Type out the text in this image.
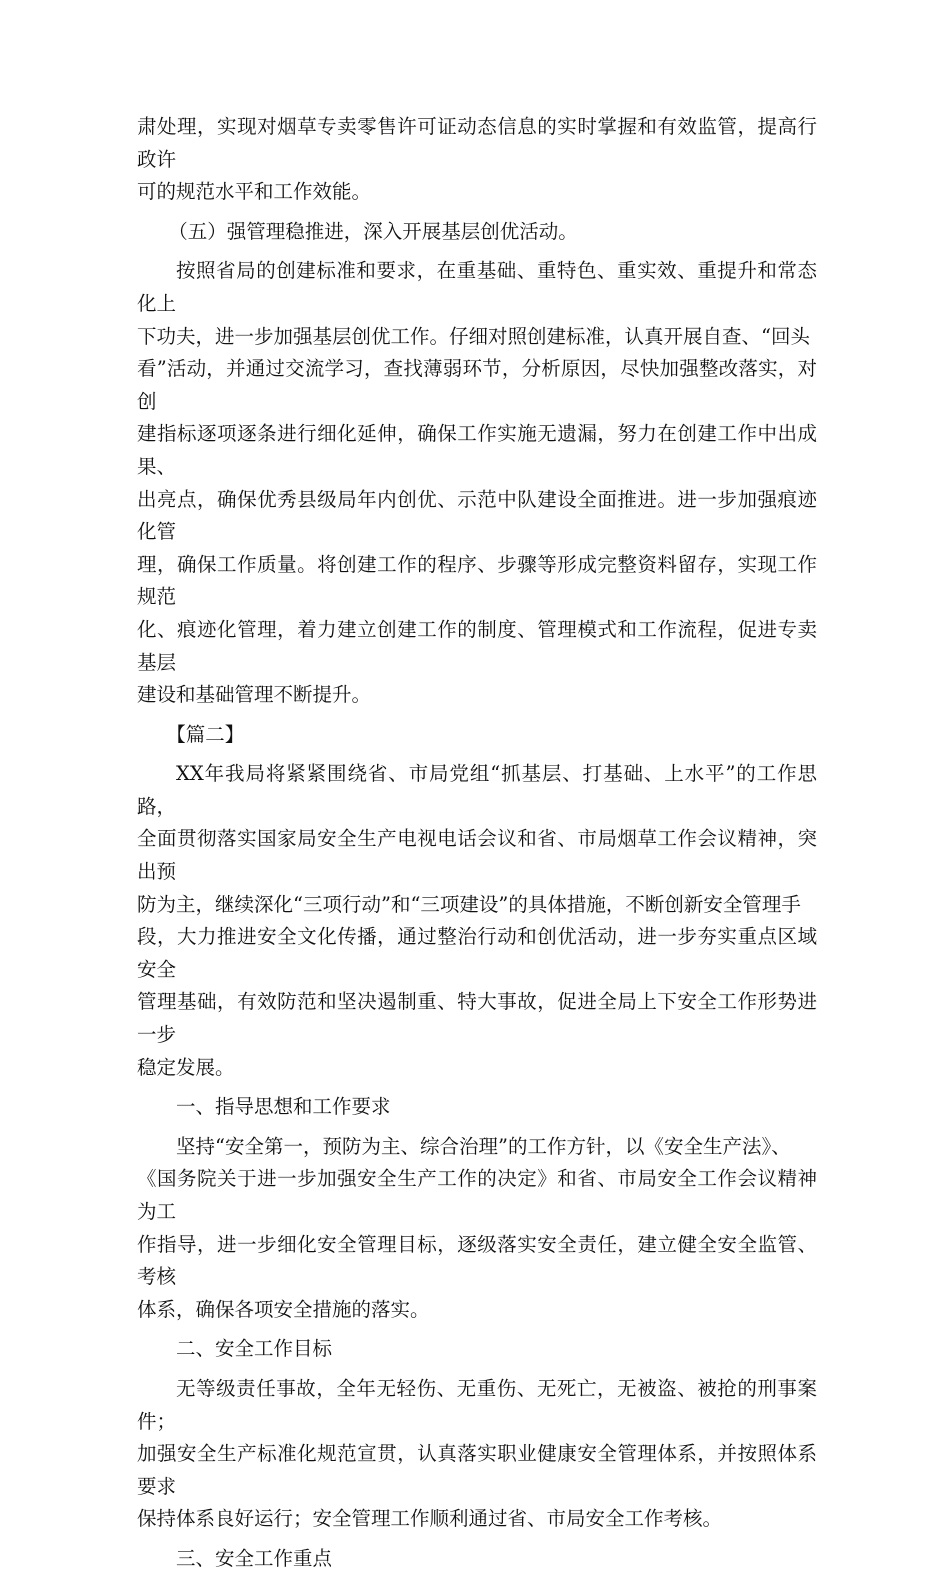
肃处理，实现对烟草专卖零售许可证动态信息的实时掌握和有效监管，提高行政许
可的规范水平和工作效能。

（五）强管理稳推进，深入开展基层创优活动。

按照省局的创建标准和要求，在重基础、重特色、重实效、重提升和常态化上
下功夫，进一步加强基层创优工作。仔细对照创建标准，认真开展自查、“回头
看”活动，并通过交流学习，查找薄弱环节，分析原因，尽快加强整改落实，对创
建指标逐项逐条进行细化延伸，确保工作实施无遗漏，努力在创建工作中出成果、
出亮点，确保优秀县级局年内创优、示范中队建设全面推进。进一步加强痕迹化管
理，确保工作质量。将创建工作的程序、步骤等形成完整资料留存，实现工作规范
化、痕迹化管理，着力建立创建工作的制度、管理模式和工作流程，促进专卖基层
建设和基础管理不断提升。

【篇二】

XX年我局将紧紧围绕省、市局党组“抓基层、打基础、上水平”的工作思路，
全面贯彻落实国家局安全生产电视电话会议和省、市局烟草工作会议精神，突出预
防为主，继续深化“三项行动”和“三项建设”的具体措施，不断创新安全管理手
段，大力推进安全文化传播，通过整治行动和创优活动，进一步夯实重点区域安全
管理基础，有效防范和坚决遏制重、特大事故，促进全局上下安全工作形势进一步
稳定发展。

一、指导思想和工作要求

坚持“安全第一，预防为主、综合治理”的工作方针，以《安全生产法》、
《国务院关于进一步加强安全生产工作的决定》和省、市局安全工作会议精神为工
作指导，进一步细化安全管理目标，逐级落实安全责任，建立健全安全监管、考核
体系，确保各项安全措施的落实。

二、安全工作目标

无等级责任事故，全年无轻伤、无重伤、无死亡，无被盗、被抢的刑事案件；
加强安全生产标准化规范宣贯，认真落实职业健康安全管理体系，并按照体系要求
保持体系良好运行；安全管理工作顺利通过省、市局安全工作考核。

三、安全工作重点
